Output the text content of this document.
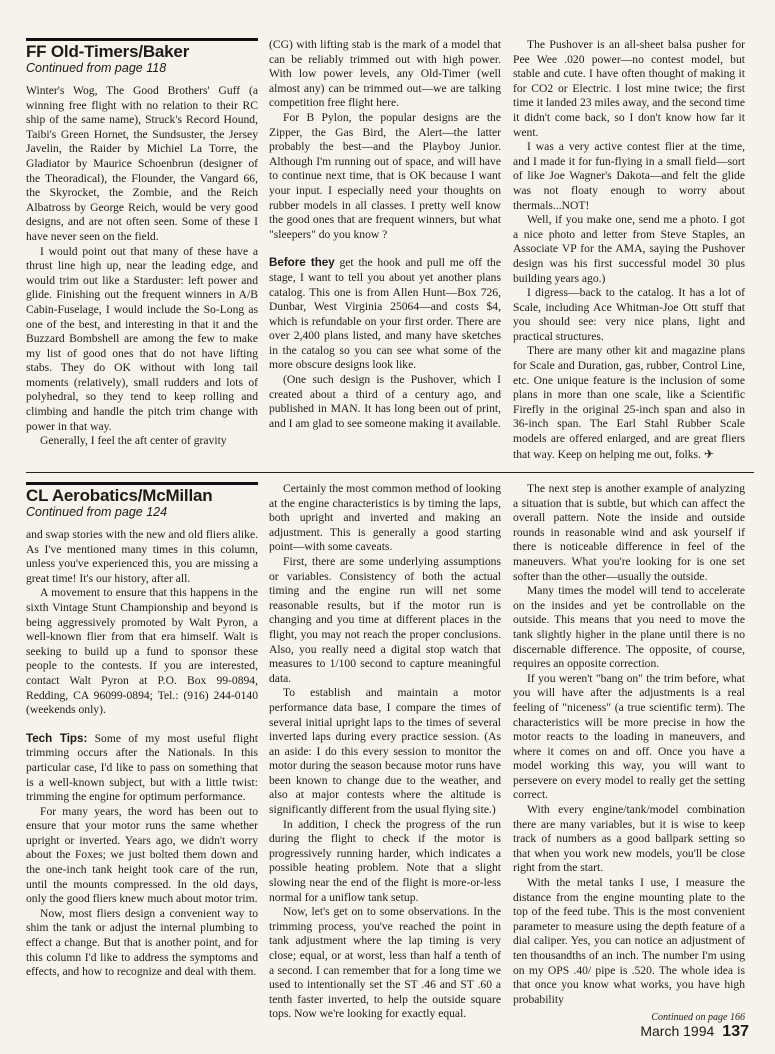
FF Old-Timers/Baker
Continued from page 118

Winter's Wog, The Good Brothers' Guff (a winning free flight with no relation to their RC ship of the same name), Struck's Record Hound, Taibi's Green Hornet, the Sundsuster, the Jersey Javelin, the Raider by Michiel La Torre, the Gladiator by Maurice Schoenbrun (designer of the Theoradical), the Flounder, the Vangard 66, the Skyrocket, the Zombie, and the Reich Albatross by George Reich, would be very good designs, and are not often seen. Some of these I have never seen on the field.

I would point out that many of these have a thrust line high up, near the leading edge, and would trim out like a Starduster: left power and glide. Finishing out the frequent winners in A/B Cabin-Fuselage, I would include the So-Long as one of the best, and interesting in that it and the Buzzard Bombshell are among the few to make my list of good ones that do not have lifting stabs. They do OK without with long tail moments (relatively), small rudders and lots of polyhedral, so they tend to keep rolling and climbing and handle the pitch trim change with power in that way.

Generally, I feel the aft center of gravity

(CG) with lifting stab is the mark of a model that can be reliably trimmed out with high power. With low power levels, any Old-Timer (well almost any) can be trimmed out—we are talking competition free flight here.

For B Pylon, the popular designs are the Zipper, the Gas Bird, the Alert—the latter probably the best—and the Playboy Junior. Although I'm running out of space, and will have to continue next time, that is OK because I want your input. I especially need your thoughts on rubber models in all classes. I pretty well know the good ones that are frequent winners, but what "sleepers" do you know ?

Before they get the hook and pull me off the stage, I want to tell you about yet another plans catalog. This one is from Allen Hunt—Box 726, Dunbar, West Virginia 25064—and costs $4, which is refundable on your first order. There are over 2,400 plans listed, and many have sketches in the catalog so you can see what some of the more obscure designs look like.

(One such design is the Pushover, which I created about a third of a century ago, and published in MAN. It has long been out of print, and I am glad to see someone making it available.

The Pushover is an all-sheet balsa pusher for Pee Wee .020 power—no contest model, but stable and cute. I have often thought of making it for CO2 or Electric. I lost mine twice; the first time it landed 23 miles away, and the second time it didn't come back, so I don't know how far it went.

I was a very active contest flier at the time, and I made it for fun-flying in a small field—sort of like Joe Wagner's Dakota—and felt the glide was not floaty enough to worry about thermals...NOT!

Well, if you make one, send me a photo. I got a nice photo and letter from Steve Staples, an Associate VP for the AMA, saying the Pushover design was his first successful model 30 plus building years ago.)

I digress—back to the catalog. It has a lot of Scale, including Ace Whitman-Joe Ott stuff that you should see: very nice plans, light and practical structures.

There are many other kit and magazine plans for Scale and Duration, gas, rubber, Control Line, etc. One unique feature is the inclusion of some plans in more than one scale, like a Scientific Firefly in the original 25-inch span and also in 36-inch span. The Earl Stahl Rubber Scale models are offered enlarged, and are great fliers that way. Keep on helping me out, folks. ✈

CL Aerobatics/McMillan
Continued from page 124

and swap stories with the new and old fliers alike. As I've mentioned many times in this column, unless you've experienced this, you are missing a great time! It's our history, after all.

A movement to ensure that this happens in the sixth Vintage Stunt Championship and beyond is being aggressively promoted by Walt Pyron, a well-known flier from that era himself. Walt is seeking to build up a fund to sponsor these people to the contests. If you are interested, contact Walt Pyron at P.O. Box 99-0894, Redding, CA 96099-0894; Tel.: (916) 244-0140 (weekends only).

Tech Tips: Some of my most useful flight trimming occurs after the Nationals. In this particular case, I'd like to pass on something that is a well-known subject, but with a little twist: trimming the engine for optimum performance.

For many years, the word has been out to ensure that your motor runs the same whether upright or inverted. Years ago, we didn't worry about the Foxes; we just bolted them down and the one-inch tank height took care of the run, until the mounts compressed. In the old days, only the good fliers knew much about motor trim.

Now, most fliers design a convenient way to shim the tank or adjust the internal plumbing to effect a change. But that is another point, and for this column I'd like to address the symptoms and effects, and how to recognize and deal with them.

Certainly the most common method of looking at the engine characteristics is by timing the laps, both upright and inverted and making an adjustment. This is generally a good starting point—with some caveats.

First, there are some underlying assumptions or variables. Consistency of both the actual timing and the engine run will net some reasonable results, but if the motor run is changing and you time at different places in the flight, you may not reach the proper conclusions. Also, you really need a digital stop watch that measures to 1/100 second to capture meaningful data.

To establish and maintain a motor performance data base, I compare the times of several initial upright laps to the times of several inverted laps during every practice session. (As an aside: I do this every session to monitor the motor during the season because motor runs have been known to change due to the weather, and also at major contests where the altitude is significantly different from the usual flying site.)

In addition, I check the progress of the run during the flight to check if the motor is progressively running harder, which indicates a possible heating problem. Note that a slight slowing near the end of the flight is more-or-less normal for a uniflow tank setup.

Now, let's get on to some observations. In the trimming process, you've reached the point in tank adjustment where the lap timing is very close; equal, or at worst, less than half a tenth of a second. I can remember that for a long time we used to intentionally set the ST .46 and ST .60 a tenth faster inverted, to help the outside square tops. Now we're looking for exactly equal.

The next step is another example of analyzing a situation that is subtle, but which can affect the overall pattern. Note the inside and outside rounds in reasonable wind and ask yourself if there is noticeable difference in feel of the maneuvers. What you're looking for is one set softer than the other—usually the outside.

Many times the model will tend to accelerate on the insides and yet be controllable on the outside. This means that you need to move the tank slightly higher in the plane until there is no discernable difference. The opposite, of course, requires an opposite correction.

If you weren't "bang on" the trim before, what you will have after the adjustments is a real feeling of "niceness" (a true scientific term). The characteristics will be more precise in how the motor reacts to the loading in maneuvers, and where it comes on and off. Once you have a model working this way, you will want to persevere on every model to really get the setting correct.

With every engine/tank/model combination there are many variables, but it is wise to keep track of numbers as a good ballpark setting so that when you work new models, you'll be close right from the start.

With the metal tanks I use, I measure the distance from the engine mounting plate to the top of the feed tube. This is the most convenient parameter to measure using the depth feature of a dial caliper. Yes, you can notice an adjustment of ten thousandths of an inch. The number I'm using on my OPS .40/ pipe is .520. The whole idea is that once you know what works, you have high probability

Continued on page 166
March 1994 137
